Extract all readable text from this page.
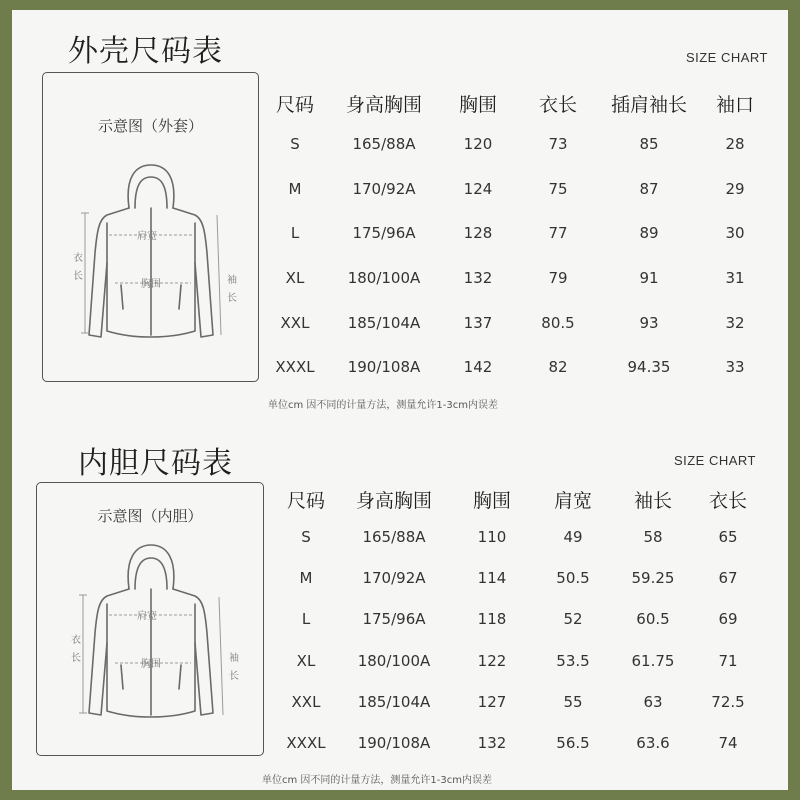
外壳尺码表	SIZE CHART
示意图（外套）
肩宽
胸围
衣
长	袖
长
尺码	身高胸围	胸围	衣长	插肩袖长	袖口
S	165/88A	120	73	85	28
M	170/92A	124	75	87	29
L	175/96A	128	77	89	30
XL	180/100A	132	79	91	31
XXL	185/104A	137	80.5	93	32
XXXL	190/108A	142	82	94.35	33
单位cm 因不同的计量方法，测量允许1-3cm内误差
内胆尺码表	SIZE CHART
示意图（内胆）
肩宽
胸围
衣
长	袖
长
尺码	身高胸围	胸围	肩宽	袖长	衣长
S	165/88A	110	49	58	65
M	170/92A	114	50.5	59.25	67
L	175/96A	118	52	60.5	69
XL	180/100A	122	53.5	61.75	71
XXL	185/104A	127	55	63	72.5
XXXL	190/108A	132	56.5	63.6	74
单位cm 因不同的计量方法，测量允许1-3cm内误差
